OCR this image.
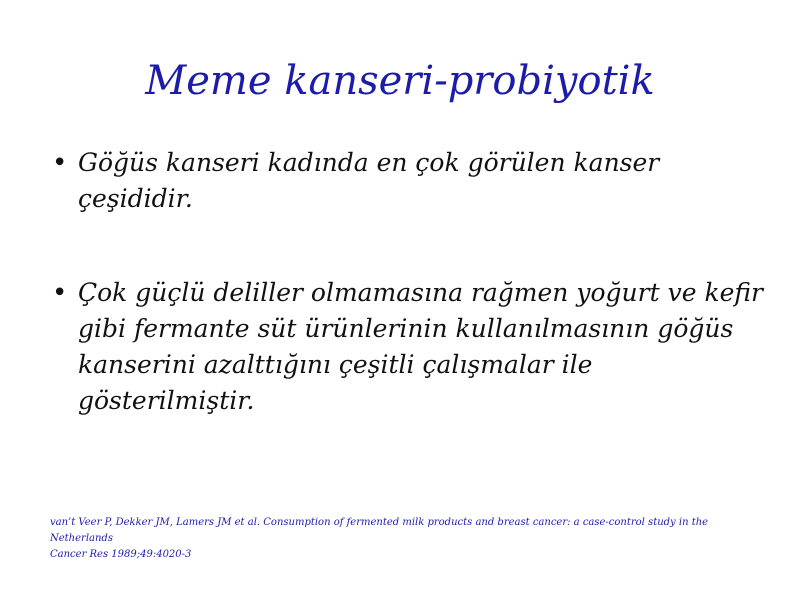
Meme kanseri-probiyotik
• Göğüs kanseri kadında en çok görülen kanser çeşididir.
• Çok güçlü deliller olmamasına rağmen yoğurt ve kefir gibi fermante süt ürünlerinin kullanılmasının göğüs kanserini azalttığını çeşitli çalışmalar ile gösterilmiştir.
van’t Veer P, Dekker JM, Lamers JM et al. Consumption of fermented milk products and breast cancer: a case-control study in the Netherlands
Cancer Res 1989;49:4020-3
